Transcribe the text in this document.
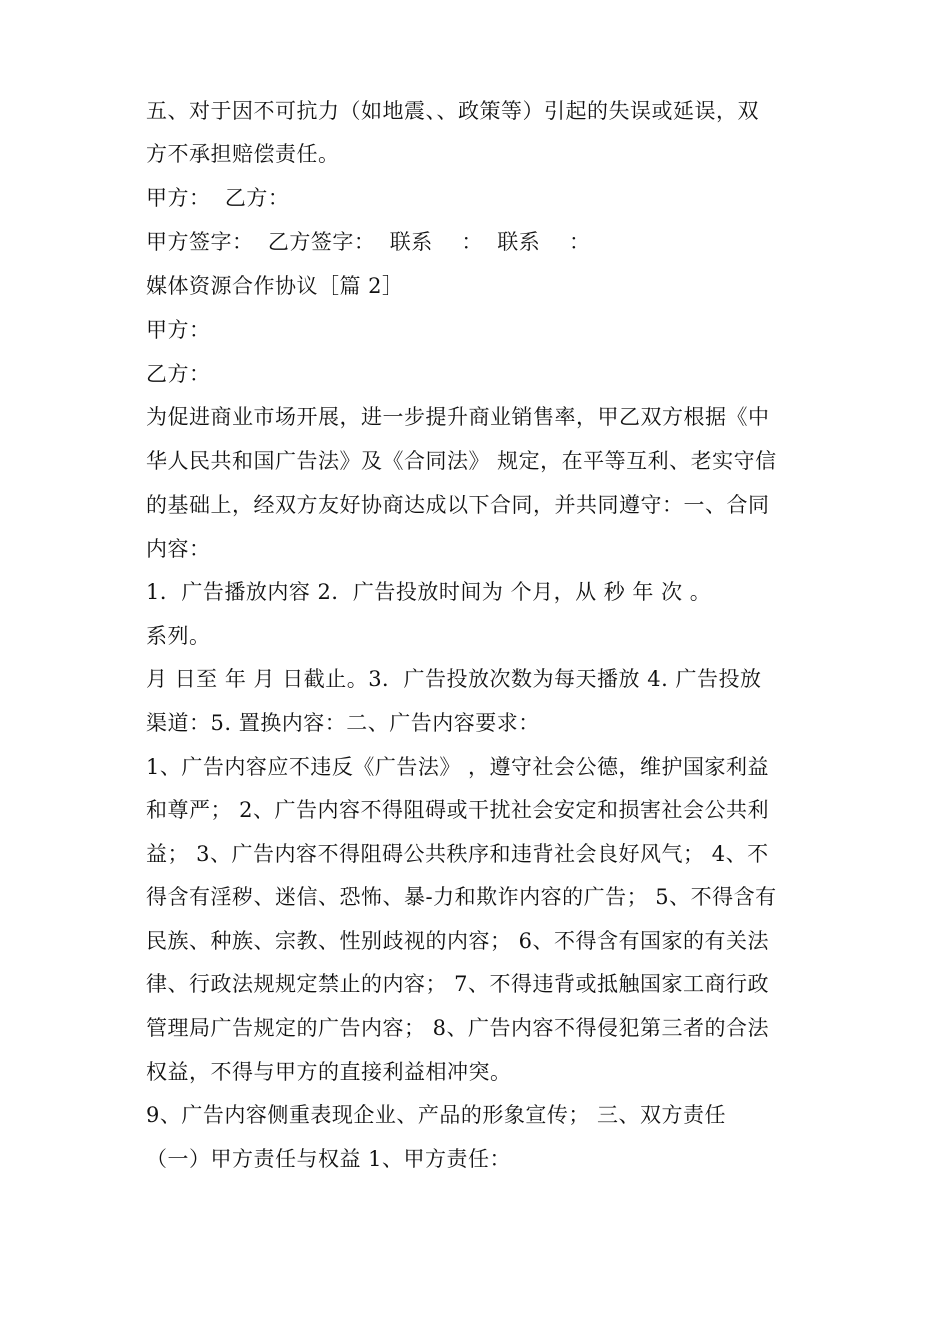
五、对于因不可抗力（如地震、、政策等）引起的失误或延误，双
方不承担赔偿责任。
甲方：  乙方：
甲方签字：  乙方签字：  联系    ：  联系    ：
媒体资源合作协议［篇 2］
甲方：
乙方：
为促进商业市场开展，进一步提升商业销售率，甲乙双方根据《中
华人民共和国广告法》及《合同法》 规定，在平等互利、老实守信
的基础上，经双方友好协商达成以下合同，并共同遵守：一、合同
内容：
1．广告播放内容 2．广告投放时间为 个月，从 秒 年 次 。
系列。
月 日至 年 月 日截止。3．广告投放次数为每天播放 4. 广告投放
渠道：5. 置换内容：二、广告内容要求：
1、广告内容应不违反《广告法》 ，遵守社会公德，维护国家利益
和尊严； 2、广告内容不得阻碍或干扰社会安定和损害社会公共利
益； 3、广告内容不得阻碍公共秩序和违背社会良好风气； 4、不
得含有淫秽、迷信、恐怖、暴-力和欺诈内容的广告； 5、不得含有
民族、种族、宗教、性别歧视的内容； 6、不得含有国家的有关法
律、行政法规规定禁止的内容； 7、不得违背或抵触国家工商行政
管理局广告规定的广告内容； 8、广告内容不得侵犯第三者的合法
权益，不得与甲方的直接利益相冲突。
9、广告内容侧重表现企业、产品的形象宣传； 三、双方责任
（一）甲方责任与权益 1、甲方责任：
